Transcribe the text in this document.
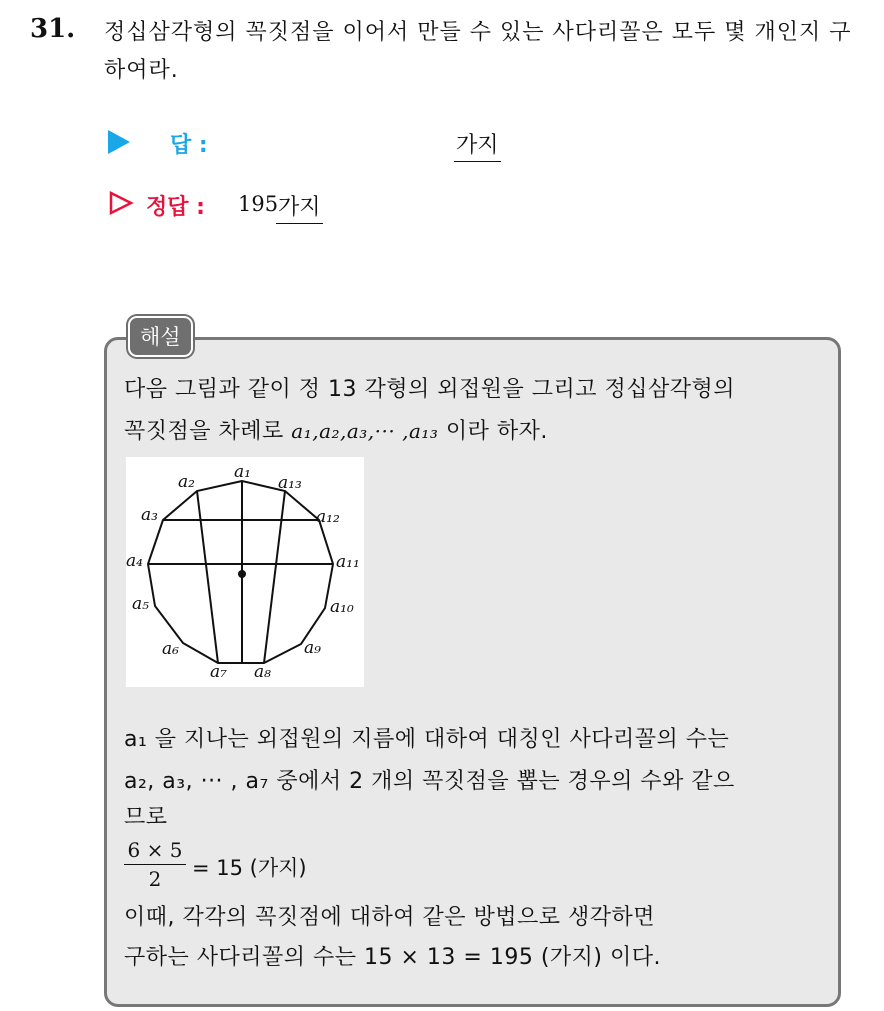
31. 정십삼각형의 꼭짓점을 이어서 만들 수 있는 사다리꼴은 모두 몇 개인지 구하여라.
답 :	가지
정답 : 195 가지
해설
다음 그림과 같이 정 13 각형의 외접원을 그리고 정십삼각형의
꼭짓점을 차례로 a₁,a₂,a₃,··· ,a₁₃ 이라 하자.
a₁
a₂
a₃
a₄
a₅
a₆
a₇ a₈
a₉
a₁₀
a₁₁
a₁₂
a₁₃
a₁ 을 지나는 외접원의 지름에 대하여 대칭인 사다리꼴의 수는
a₂, a₃, ··· , a₇ 중에서 2 개의 꼭짓점을 뽑는 경우의 수와 같으
므로
$\frac{6 \times 5}{2} = 15$ (가지)
이때, 각각의 꼭짓점에 대하여 같은 방법으로 생각하면
구하는 사다리꼴의 수는 15 × 13 = 195 (가지) 이다.
